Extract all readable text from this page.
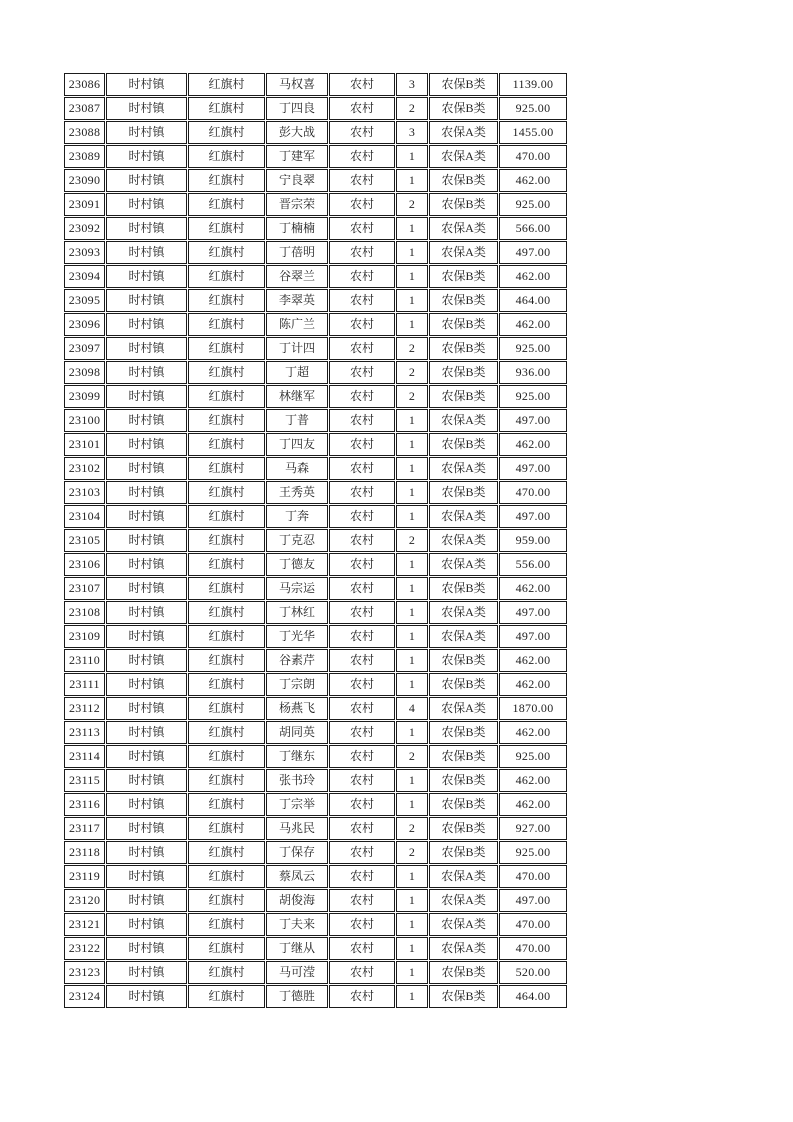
23086	时村镇	红旗村	马权喜	农村	3	农保B类	1139.00
23087	时村镇	红旗村	丁四良	农村	2	农保B类	925.00
23088	时村镇	红旗村	彭大战	农村	3	农保A类	1455.00
23089	时村镇	红旗村	丁建军	农村	1	农保A类	470.00
23090	时村镇	红旗村	宁良翠	农村	1	农保B类	462.00
23091	时村镇	红旗村	晋宗荣	农村	2	农保B类	925.00
23092	时村镇	红旗村	丁楠楠	农村	1	农保A类	566.00
23093	时村镇	红旗村	丁蓓明	农村	1	农保A类	497.00
23094	时村镇	红旗村	谷翠兰	农村	1	农保B类	462.00
23095	时村镇	红旗村	李翠英	农村	1	农保B类	464.00
23096	时村镇	红旗村	陈广兰	农村	1	农保B类	462.00
23097	时村镇	红旗村	丁计四	农村	2	农保B类	925.00
23098	时村镇	红旗村	丁超	农村	2	农保B类	936.00
23099	时村镇	红旗村	林继军	农村	2	农保B类	925.00
23100	时村镇	红旗村	丁普	农村	1	农保A类	497.00
23101	时村镇	红旗村	丁四友	农村	1	农保B类	462.00
23102	时村镇	红旗村	马森	农村	1	农保A类	497.00
23103	时村镇	红旗村	王秀英	农村	1	农保B类	470.00
23104	时村镇	红旗村	丁奔	农村	1	农保A类	497.00
23105	时村镇	红旗村	丁克忍	农村	2	农保A类	959.00
23106	时村镇	红旗村	丁德友	农村	1	农保A类	556.00
23107	时村镇	红旗村	马宗运	农村	1	农保B类	462.00
23108	时村镇	红旗村	丁林红	农村	1	农保A类	497.00
23109	时村镇	红旗村	丁光华	农村	1	农保A类	497.00
23110	时村镇	红旗村	谷素芹	农村	1	农保B类	462.00
23111	时村镇	红旗村	丁宗朗	农村	1	农保B类	462.00
23112	时村镇	红旗村	杨燕飞	农村	4	农保A类	1870.00
23113	时村镇	红旗村	胡同英	农村	1	农保B类	462.00
23114	时村镇	红旗村	丁继东	农村	2	农保B类	925.00
23115	时村镇	红旗村	张书玲	农村	1	农保B类	462.00
23116	时村镇	红旗村	丁宗举	农村	1	农保B类	462.00
23117	时村镇	红旗村	马兆民	农村	2	农保B类	927.00
23118	时村镇	红旗村	丁保存	农村	2	农保B类	925.00
23119	时村镇	红旗村	蔡凤云	农村	1	农保A类	470.00
23120	时村镇	红旗村	胡俊海	农村	1	农保A类	497.00
23121	时村镇	红旗村	丁夫来	农村	1	农保A类	470.00
23122	时村镇	红旗村	丁继从	农村	1	农保A类	470.00
23123	时村镇	红旗村	马可滢	农村	1	农保B类	520.00
23124	时村镇	红旗村	丁德胜	农村	1	农保B类	464.00
